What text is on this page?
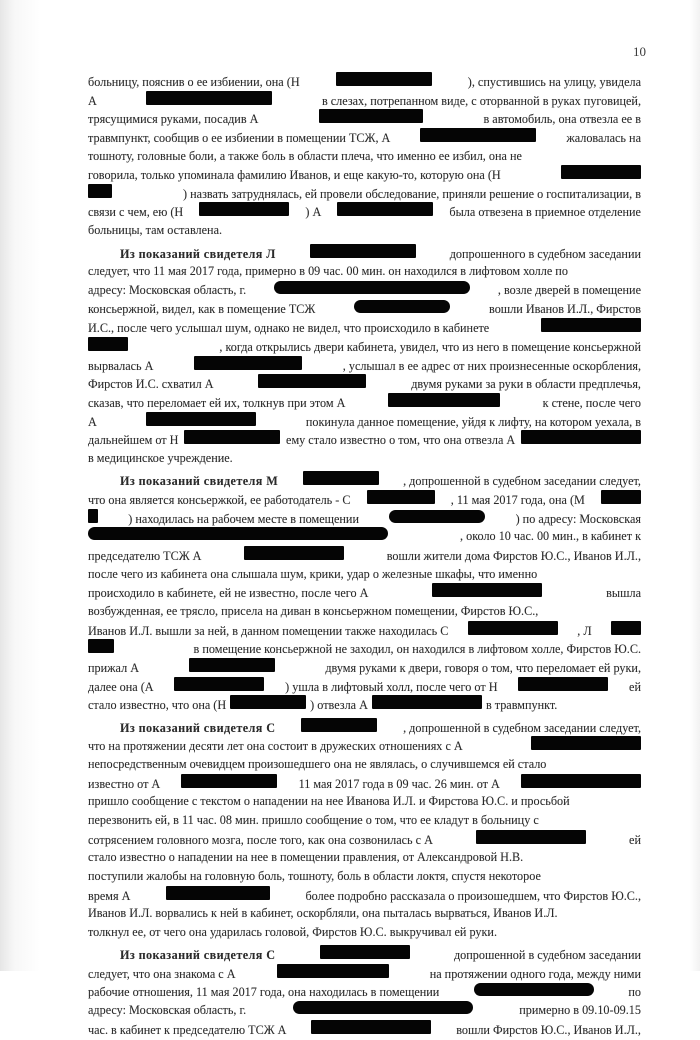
10
больницу, пояснив о ее избиении, она (Н	), спустившись на улицу, увидела
А	в слезах, потрепанном виде, с оторванной в руках пуговицей,
трясущимися руками, посадив А	в автомобиль, она отвезла ее в
травмпункт, сообщив о ее избиении в помещении ТСЖ, А	жаловалась на
тошноту, головные боли, а также боль в области плеча, что именно ее избил, она не
говорила, только упоминала фамилию Иванов, и еще какую-то, которую она (Н
) назвать затруднялась, ей провели обследование, приняли решение о госпитализации, в
связи с чем, ею (Н	) А	была отвезена в приемное отделение
больницы, там оставлена.
Из показаний свидетеля Л	допрошенного в судебном заседании
следует, что 11 мая 2017 года, примерно в 09 час. 00 мин. он находился в лифтовом холле по
адресу: Московская область, г.	, возле дверей в помещение
консьержной, видел, как в помещение ТСЖ	вошли Иванов И.Л., Фирстов
И.С., после чего услышал шум, однако не видел, что происходило в кабинете
, когда открылись двери кабинета, увидел, что из него в помещение консьержной
вырвалась А	, услышал в ее адрес от них произнесенные оскорбления,
Фирстов И.С. схватил А	двумя руками за руки в области предплечья,
сказав, что переломает ей их, толкнув при этом А	к стене, после чего
А	покинула данное помещение, уйдя к лифту, на котором уехала, в
дальнейшем от Н	ему стало известно о том, что она отвезла А
в медицинское учреждение.
Из показаний свидетеля М	, допрошенной в судебном заседании следует,
что она является консьержкой, ее работодатель - С	, 11 мая 2017 года, она (М
) находилась на рабочем месте в помещении	) по адресу: Московская
, около 10 час. 00 мин., в кабинет к
председателю ТСЖ А	вошли жители дома Фирстов Ю.С., Иванов И.Л.,
после чего из кабинета она слышала шум, крики, удар о железные шкафы, что именно
происходило в кабинете, ей не известно, после чего А	вышла
возбужденная, ее трясло, присела на диван в консьержном помещении, Фирстов Ю.С.,
Иванов И.Л. вышли за ней, в данном помещении также находилась С	, Л
в помещение консьержной не заходил, он находился в лифтовом холле, Фирстов Ю.С.
прижал А	двумя руками к двери, говоря о том, что переломает ей руки,
далее она (А	) ушла в лифтовый холл, после чего от Н	ей
стало известно, что она (Н	) отвезла А	в травмпункт.
Из показаний свидетеля С	, допрошенной в судебном заседании следует,
что на протяжении десяти лет она состоит в дружеских отношениях с А
непосредственным очевидцем произошедшего она не являлась, о случившемся ей стало
известно от А	11 мая 2017 года в 09 час. 26 мин. от А
пришло сообщение с текстом о нападении на нее Иванова И.Л. и Фирстова Ю.С. и просьбой
перезвонить ей, в 11 час. 08 мин. пришло сообщение о том, что ее кладут в больницу с
сотрясением головного мозга, после того, как она созвонилась с А	ей
стало известно о нападении на нее в помещении правления, от Александровой Н.В.
поступили жалобы на головную боль, тошноту, боль в области локтя, спустя некоторое
время А	более подробно рассказала о произошедшем, что Фирстов Ю.С.,
Иванов И.Л. ворвались к ней в кабинет, оскорбляли, она пыталась вырваться, Иванов И.Л.
толкнул ее, от чего она ударилась головой, Фирстов Ю.С. выкручивал ей руки.
Из показаний свидетеля С	допрошенной в судебном заседании
следует, что она знакома с А	на протяжении одного года, между ними
рабочие отношения, 11 мая 2017 года, она находилась в помещении	по
адресу: Московская область, г.	примерно в 09.10-09.15
час. в кабинет к председателю ТСЖ А	вошли Фирстов Ю.С., Иванов И.Л.,
